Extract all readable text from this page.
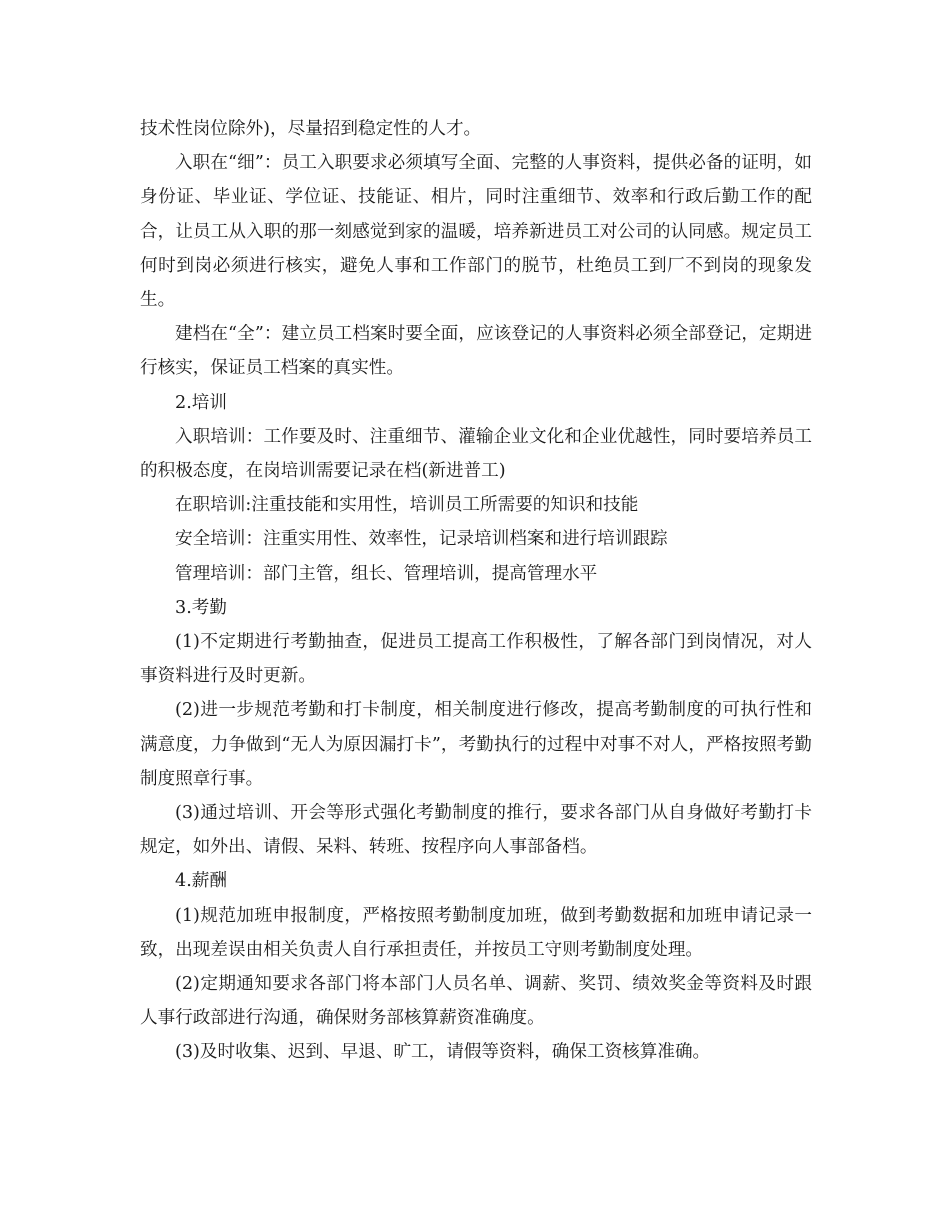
技术性岗位除外)，尽量招到稳定性的人才。

入职在“细”：员工入职要求必须填写全面、完整的人事资料，提供必备的证明，如身份证、毕业证、学位证、技能证、相片，同时注重细节、效率和行政后勤工作的配合，让员工从入职的那一刻感觉到家的温暖，培养新进员工对公司的认同感。规定员工何时到岗必须进行核实，避免人事和工作部门的脱节，杜绝员工到厂不到岗的现象发生。

建档在“全”：建立员工档案时要全面，应该登记的人事资料必须全部登记，定期进行核实，保证员工档案的真实性。

2.培训

入职培训：工作要及时、注重细节、灌输企业文化和企业优越性，同时要培养员工的积极态度，在岗培训需要记录在档(新进普工)

在职培训:注重技能和实用性，培训员工所需要的知识和技能

安全培训：注重实用性、效率性，记录培训档案和进行培训跟踪

管理培训：部门主管，组长、管理培训，提高管理水平

3.考勤

(1)不定期进行考勤抽查，促进员工提高工作积极性，了解各部门到岗情况，对人事资料进行及时更新。

(2)进一步规范考勤和打卡制度，相关制度进行修改，提高考勤制度的可执行性和满意度，力争做到“无人为原因漏打卡”，考勤执行的过程中对事不对人，严格按照考勤制度照章行事。

(3)通过培训、开会等形式强化考勤制度的推行，要求各部门从自身做好考勤打卡规定，如外出、请假、呆料、转班、按程序向人事部备档。

4.薪酬

(1)规范加班申报制度，严格按照考勤制度加班，做到考勤数据和加班申请记录一致，出现差误由相关负责人自行承担责任，并按员工守则考勤制度处理。

(2)定期通知要求各部门将本部门人员名单、调薪、奖罚、绩效奖金等资料及时跟人事行政部进行沟通，确保财务部核算薪资准确度。

(3)及时收集、迟到、早退、旷工，请假等资料，确保工资核算准确。
